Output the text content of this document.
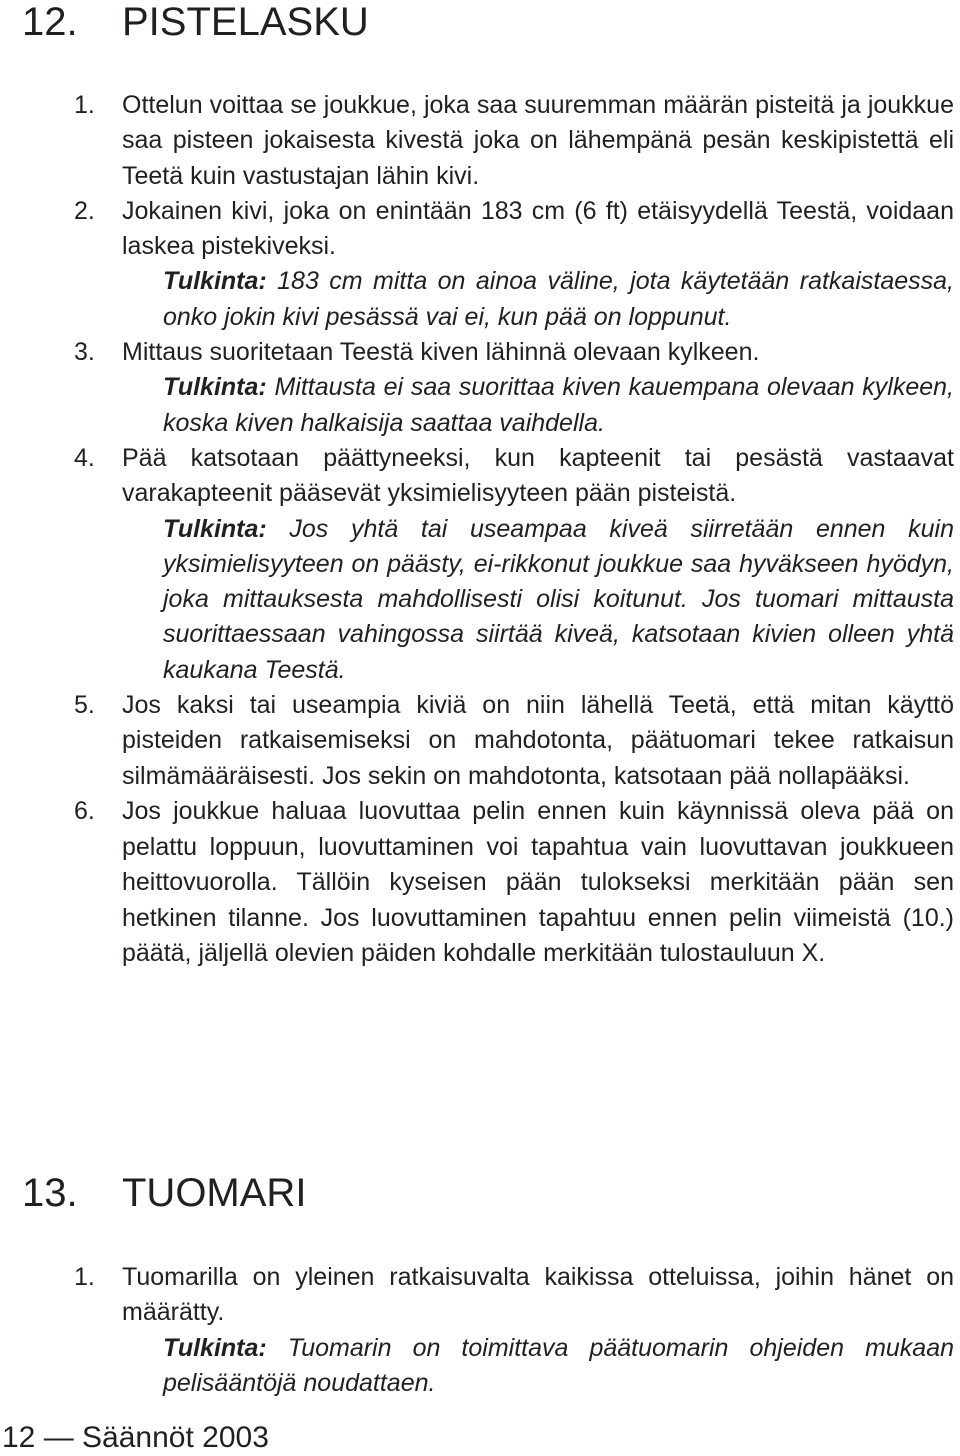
12. PISTELASKU
1. Ottelun voittaa se joukkue, joka saa suuremman määrän pisteitä ja joukkue saa pisteen jokaisesta kivestä joka on lähempänä pesän keskipistettä eli Teetä kuin vastustajan lähin kivi.
2. Jokainen kivi, joka on enintään 183 cm (6 ft) etäisyydellä Teestä, voidaan laskea pistekiveksi.
Tulkinta: 183 cm mitta on ainoa väline, jota käytetään ratkaistaessa, onko jokin kivi pesässä vai ei, kun pää on loppunut.
3. Mittaus suoritetaan Teestä kiven lähinnä olevaan kylkeen.
Tulkinta: Mittausta ei saa suorittaa kiven kauempana olevaan kylkeen, koska kiven halkaisija saattaa vaihdella.
4. Pää katsotaan päättyneeksi, kun kapteenit tai pesästä vastaavat varakapteenit pääsevät yksimielisyyteen pään pisteistä.
Tulkinta: Jos yhtä tai useampaa kiveä siirretään ennen kuin yksimielisyyteen on päästy, ei-rikkonut joukkue saa hyväkseen hyödyn, joka mittauksesta mahdollisesti olisi koitunut. Jos tuomari mittausta suorittaessaan vahingossa siirtää kiveä, katsotaan kivien olleen yhtä kaukana Teestä.
5. Jos kaksi tai useampia kiviä on niin lähellä Teetä, että mitan käyttö pisteiden ratkaisemiseksi on mahdotonta, päätuomari tekee ratkaisun silmämääräisesti. Jos sekin on mahdotonta, katsotaan pää nollapääksi.
6. Jos joukkue haluaa luovuttaa pelin ennen kuin käynnissä oleva pää on pelattu loppuun, luovuttaminen voi tapahtua vain luovuttavan joukkueen heittovuorolla. Tällöin kyseisen pään tulokseksi merkitään pään sen hetkinen tilanne. Jos luovuttaminen tapahtuu ennen pelin viimeistä (10.) päätä, jäljellä olevien päiden kohdalle merkitään tulostauluun X.
13. TUOMARI
1. Tuomarilla on yleinen ratkaisuvalta kaikissa otteluissa, joihin hänet on määrätty.
Tulkinta: Tuomarin on toimittava päätuomarin ohjeiden mukaan pelisääntöjä noudattaen.
12 — Säännöt 2003
